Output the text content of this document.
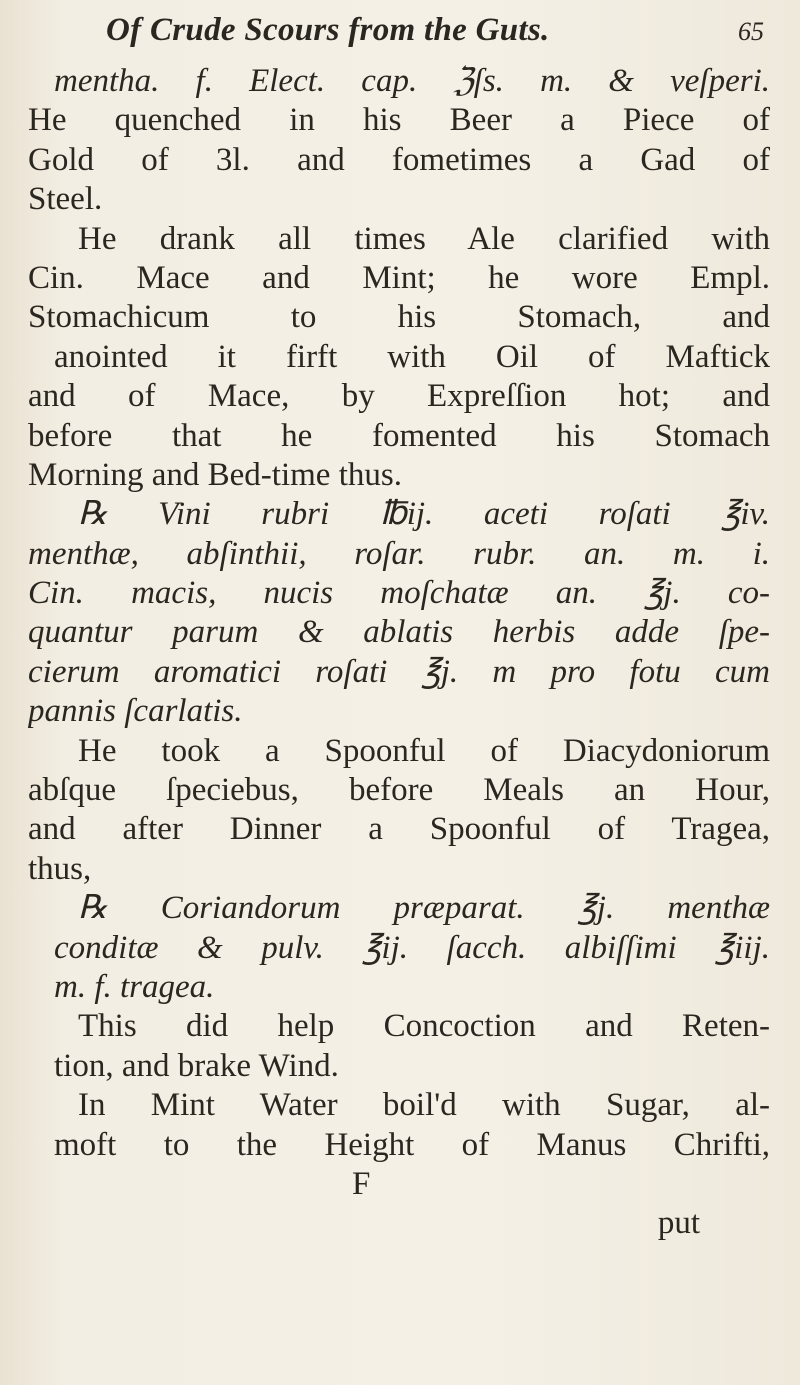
Of Crude Scours from the Guts.	65
mentha. f. Elect. cap. ℨſs. m. & veſperi.
He quenched in his Beer a Piece of
Gold of 3l. and fometimes a Gad of
Steel.
He drank all times Ale clarified with
Cin. Mace and Mint; he wore Empl.
Stomachicum to his Stomach, and
anointed it firft with Oil of Maftick
and of Mace, by Expreſſion hot; and
before that he fomented his Stomach
Morning and Bed-time thus.
℞ Vini rubri ℔ij. aceti roſati ℥iv.
menthæ, abſinthii, roſar. rubr. an. m. i.
Cin. macis, nucis moſchatæ an. ℥j. co-
quantur parum & ablatis herbis adde ſpe-
cierum aromatici roſati ℥j. m pro fotu cum
pannis ſcarlatis.
He took a Spoonful of Diacydoniorum
abſque ſpeciebus, before Meals an Hour,
and after Dinner a Spoonful of Tragea,
thus,
℞ Coriandorum præparat. ℥j. menthæ
conditæ & pulv. ℥ij. ſacch. albiſſimi ℥iij.
m. f. tragea.
This did help Concoction and Reten-
tion, and brake Wind.
In Mint Water boil'd with Sugar, al-
moft to the Height of Manus Chrifti,
F
put
